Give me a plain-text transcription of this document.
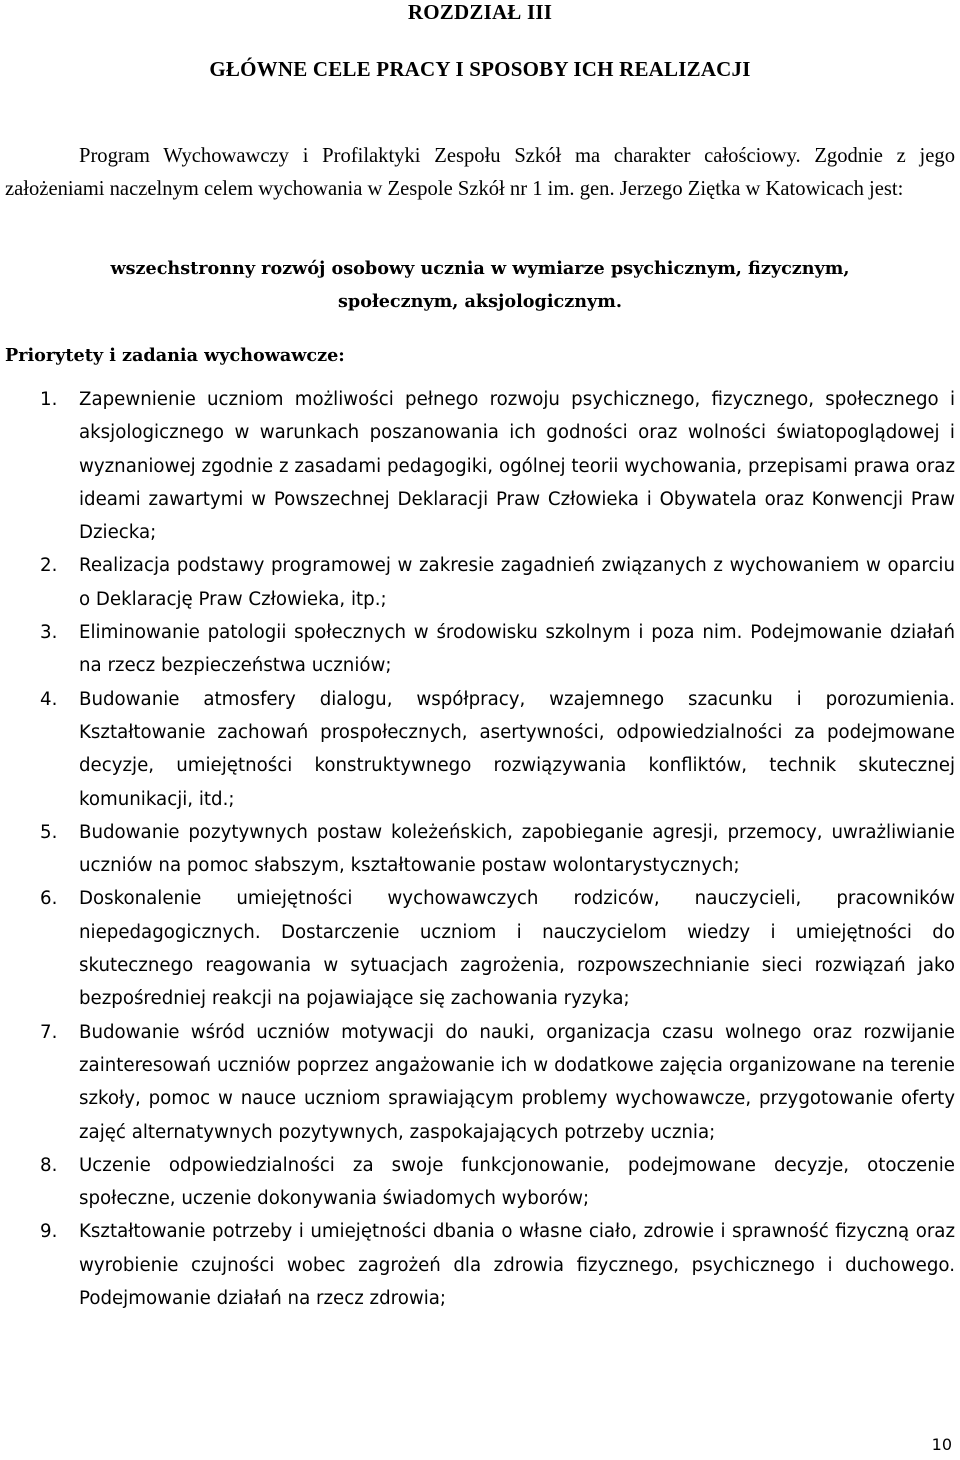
ROZDZIAŁ III
GŁÓWNE CELE PRACY I SPOSOBY ICH REALIZACJI

Program Wychowawczy i Profilaktyki Zespołu Szkół ma charakter całościowy. Zgodnie z jego założeniami naczelnym celem wychowania w Zespole Szkół nr 1 im. gen. Jerzego Ziętka w Katowicach jest:

wszechstronny rozwój osobowy ucznia w wymiarze psychicznym, fizycznym,
społecznym, aksjologicznym.

Priorytety i zadania wychowawcze:

1. Zapewnienie uczniom możliwości pełnego rozwoju psychicznego, fizycznego, społecznego i aksjologicznego w warunkach poszanowania ich godności oraz wolności światopoglądowej i wyznaniowej zgodnie z zasadami pedagogiki, ogólnej teorii wychowania, przepisami prawa oraz ideami zawartymi w Powszechnej Deklaracji Praw Człowieka i Obywatela oraz Konwencji Praw Dziecka;
2. Realizacja podstawy programowej w zakresie zagadnień związanych z wychowaniem w oparciu o Deklarację Praw Człowieka, itp.;
3. Eliminowanie patologii społecznych w środowisku szkolnym i poza nim. Podejmowanie działań na rzecz bezpieczeństwa uczniów;
4. Budowanie atmosfery dialogu, współpracy, wzajemnego szacunku i porozumienia. Kształtowanie zachowań prospołecznych, asertywności, odpowiedzialności za podejmowane decyzje, umiejętności konstruktywnego rozwiązywania konfliktów, technik skutecznej komunikacji, itd.;
5. Budowanie pozytywnych postaw koleżeńskich, zapobieganie agresji, przemocy, uwrażliwianie uczniów na pomoc słabszym, kształtowanie postaw wolontarystycznych;
6. Doskonalenie umiejętności wychowawczych rodziców, nauczycieli, pracowników niepedagogicznych. Dostarczenie uczniom i nauczycielom wiedzy i umiejętności do skutecznego reagowania w sytuacjach zagrożenia, rozpowszechnianie sieci rozwiązań jako bezpośredniej reakcji na pojawiające się zachowania ryzyka;
7. Budowanie wśród uczniów motywacji do nauki, organizacja czasu wolnego oraz rozwijanie zainteresowań uczniów poprzez angażowanie ich w dodatkowe zajęcia organizowane na terenie szkoły, pomoc w nauce uczniom sprawiającym problemy wychowawcze, przygotowanie oferty zajęć alternatywnych pozytywnych, zaspokajających potrzeby ucznia;
8. Uczenie odpowiedzialności za swoje funkcjonowanie, podejmowane decyzje, otoczenie społeczne, uczenie dokonywania świadomych wyborów;
9. Kształtowanie potrzeby i umiejętności dbania o własne ciało, zdrowie i sprawność fizyczną oraz wyrobienie czujności wobec zagrożeń dla zdrowia fizycznego, psychicznego i duchowego. Podejmowanie działań na rzecz zdrowia;
10
